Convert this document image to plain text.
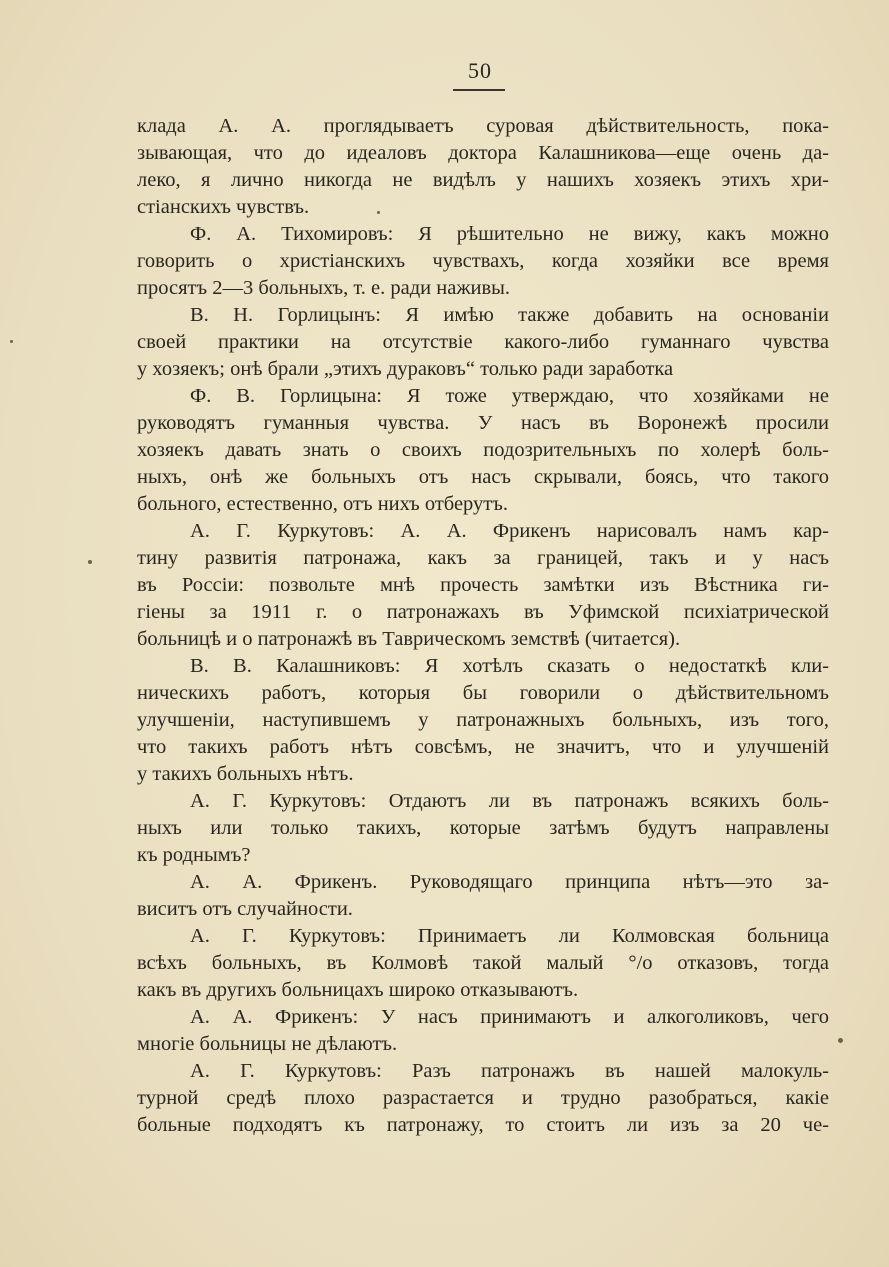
50
клада А. А. проглядываетъ суровая дѣйствительность, пока-
зывающая, что до идеаловъ доктора Калашникова—еще очень да-
леко, я лично никогда не видѣлъ у нашихъ хозяекъ этихъ хри-
стіанскихъ чувствъ.
Ф. А. Тихомировъ: Я рѣшительно не вижу, какъ можно
говорить о христіанскихъ чувствахъ, когда хозяйки все время
просятъ 2—3 больныхъ, т. е. ради наживы.
В. Н. Горлицынъ: Я имѣю также добавить на основаніи
своей практики на отсутствіе какого-либо гуманнаго чувства
у хозяекъ; онѣ брали „этихъ дураковъ“ только ради заработка
Ф. В. Горлицына: Я тоже утверждаю, что хозяйками не
руководятъ гуманныя чувства. У насъ въ Воронежѣ просили
хозяекъ давать знать о своихъ подозрительныхъ по холерѣ боль-
ныхъ, онѣ же больныхъ отъ насъ скрывали, боясь, что такого
больного, естественно, отъ нихъ отберутъ.
А. Г. Куркутовъ: А. А. Фрикенъ нарисовалъ намъ кар-
тину развитія патронажа, какъ за границей, такъ и у насъ
въ Россіи: позвольте мнѣ прочесть замѣтки изъ Вѣстника ги-
гіены за 1911 г. о патронажахъ въ Уфимской психіатрической
больницѣ и о патронажѣ въ Таврическомъ земствѣ (читается).
В. В. Калашниковъ: Я хотѣлъ сказать о недостаткѣ кли-
ническихъ работъ, которыя бы говорили о дѣйствительномъ
улучшеніи, наступившемъ у патронажныхъ больныхъ, изъ того,
что такихъ работъ нѣтъ совсѣмъ, не значитъ, что и улучшеній
у такихъ больныхъ нѣтъ.
А. Г. Куркутовъ: Отдаютъ ли въ патронажъ всякихъ боль-
ныхъ или только такихъ, которые затѣмъ будутъ направлены
къ роднымъ?
А. А. Фрикенъ. Руководящаго принципа нѣтъ—это за-
виситъ отъ случайности.
А. Г. Куркутовъ: Принимаетъ ли Колмовская больница
всѣхъ больныхъ, въ Колмовѣ такой малый °/о отказовъ, тогда
какъ въ другихъ больницахъ широко отказываютъ.
А. А. Фрикенъ: У насъ принимаютъ и алкоголиковъ, чего
многіе больницы не дѣлаютъ.
А. Г. Куркутовъ: Разъ патронажъ въ нашей малокуль-
турной средѣ плохо разрастается и трудно разобраться, какіе
больные подходятъ къ патронажу, то стоитъ ли изъ за 20 че-
